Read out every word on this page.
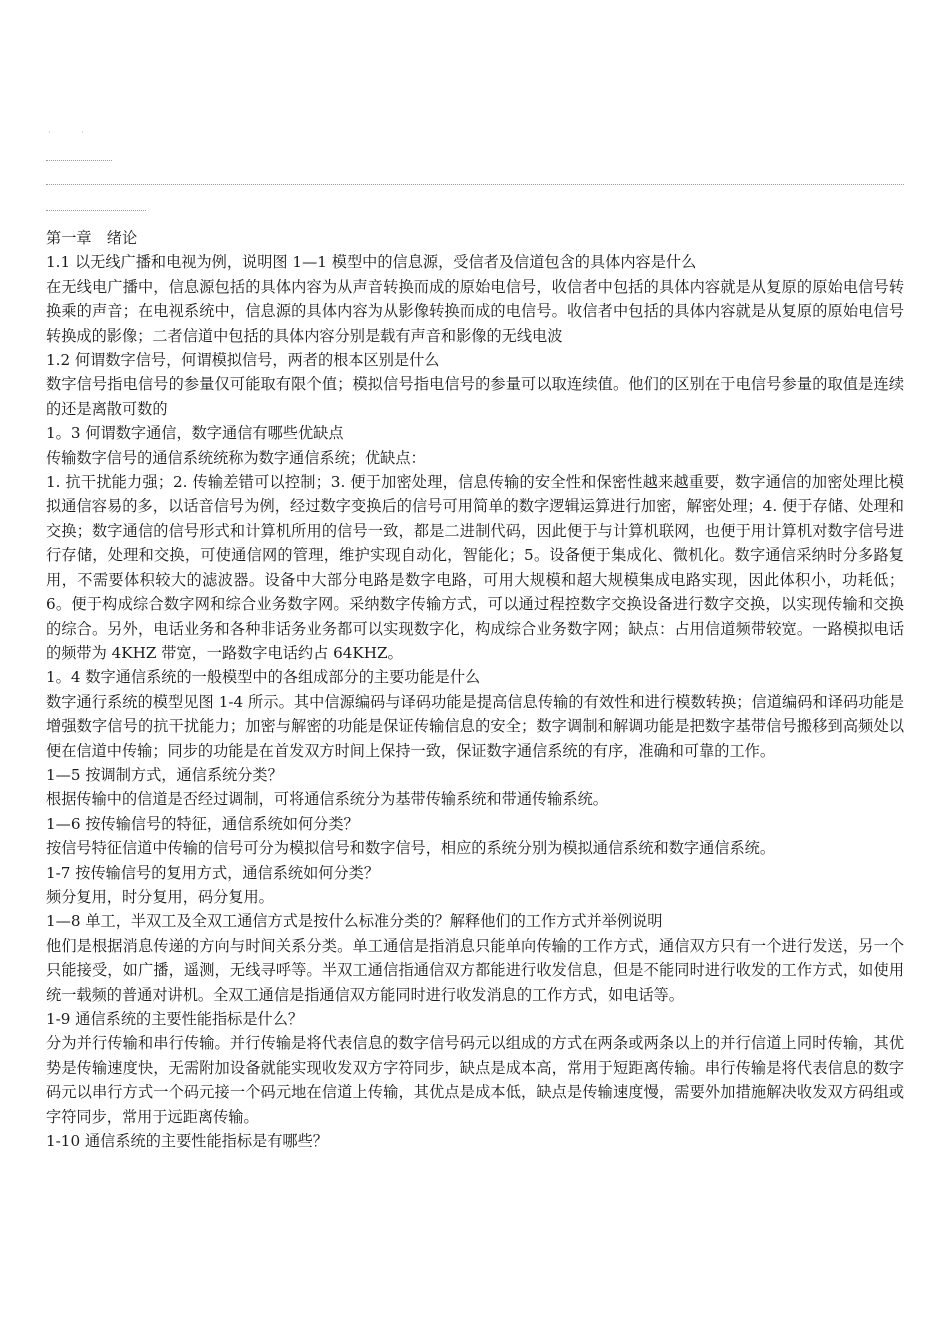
· ·

第一章　绪论

1.1 以无线广播和电视为例，说明图 1—1 模型中的信息源，受信者及信道包含的具体内容是什么

在无线电广播中，信息源包括的具体内容为从声音转换而成的原始电信号，收信者中包括的具体内容就是从复原的原始电信号转换乘的声音；在电视系统中，信息源的具体内容为从影像转换而成的电信号。收信者中包括的具体内容就是从复原的原始电信号转换成的影像；二者信道中包括的具体内容分别是载有声音和影像的无线电波

1.2 何谓数字信号，何谓模拟信号，两者的根本区别是什么

数字信号指电信号的参量仅可能取有限个值；模拟信号指电信号的参量可以取连续值。他们的区别在于电信号参量的取值是连续的还是离散可数的

1。3 何谓数字通信，数字通信有哪些优缺点

传输数字信号的通信系统统称为数字通信系统；优缺点：

1. 抗干扰能力强；2. 传输差错可以控制；3. 便于加密处理，信息传输的安全性和保密性越来越重要，数字通信的加密处理比模拟通信容易的多，以话音信号为例，经过数字变换后的信号可用简单的数字逻辑运算进行加密，解密处理；4. 便于存储、处理和交换；数字通信的信号形式和计算机所用的信号一致，都是二进制代码，因此便于与计算机联网，也便于用计算机对数字信号进行存储，处理和交换，可使通信网的管理，维护实现自动化，智能化；5。设备便于集成化、微机化。数字通信采纳时分多路复用，不需要体积较大的滤波器。设备中大部分电路是数字电路，可用大规模和超大规模集成电路实现，因此体积小，功耗低；6。便于构成综合数字网和综合业务数字网。采纳数字传输方式，可以通过程控数字交换设备进行数字交换，以实现传输和交换的综合。另外，电话业务和各种非话务业务都可以实现数字化，构成综合业务数字网；缺点：占用信道频带较宽。一路模拟电话的频带为 4KHZ 带宽，一路数字电话约占 64KHZ。

1。4 数字通信系统的一般模型中的各组成部分的主要功能是什么

数字通行系统的模型见图 1-4 所示。其中信源编码与译码功能是提高信息传输的有效性和进行模数转换；信道编码和译码功能是增强数字信号的抗干扰能力；加密与解密的功能是保证传输信息的安全；数字调制和解调功能是把数字基带信号搬移到高频处以便在信道中传输；同步的功能是在首发双方时间上保持一致，保证数字通信系统的有序，准确和可靠的工作。

1—5 按调制方式，通信系统分类？

根据传输中的信道是否经过调制，可将通信系统分为基带传输系统和带通传输系统。

1—6 按传输信号的特征，通信系统如何分类？

按信号特征信道中传输的信号可分为模拟信号和数字信号，相应的系统分别为模拟通信系统和数字通信系统。

1-7 按传输信号的复用方式，通信系统如何分类？

频分复用，时分复用，码分复用。

1—8 单工，半双工及全双工通信方式是按什么标准分类的？解释他们的工作方式并举例说明

他们是根据消息传递的方向与时间关系分类。单工通信是指消息只能单向传输的工作方式，通信双方只有一个进行发送，另一个只能接受，如广播，遥测，无线寻呼等。半双工通信指通信双方都能进行收发信息，但是不能同时进行收发的工作方式，如使用统一载频的普通对讲机。全双工通信是指通信双方能同时进行收发消息的工作方式，如电话等。

1-9 通信系统的主要性能指标是什么？

分为并行传输和串行传输。并行传输是将代表信息的数字信号码元以组成的方式在两条或两条以上的并行信道上同时传输，其优势是传输速度快，无需附加设备就能实现收发双方字符同步，缺点是成本高，常用于短距离传输。串行传输是将代表信息的数字码元以串行方式一个码元接一个码元地在信道上传输，其优点是成本低，缺点是传输速度慢，需要外加措施解决收发双方码组或字符同步，常用于远距离传输。

1-10 通信系统的主要性能指标是有哪些？
